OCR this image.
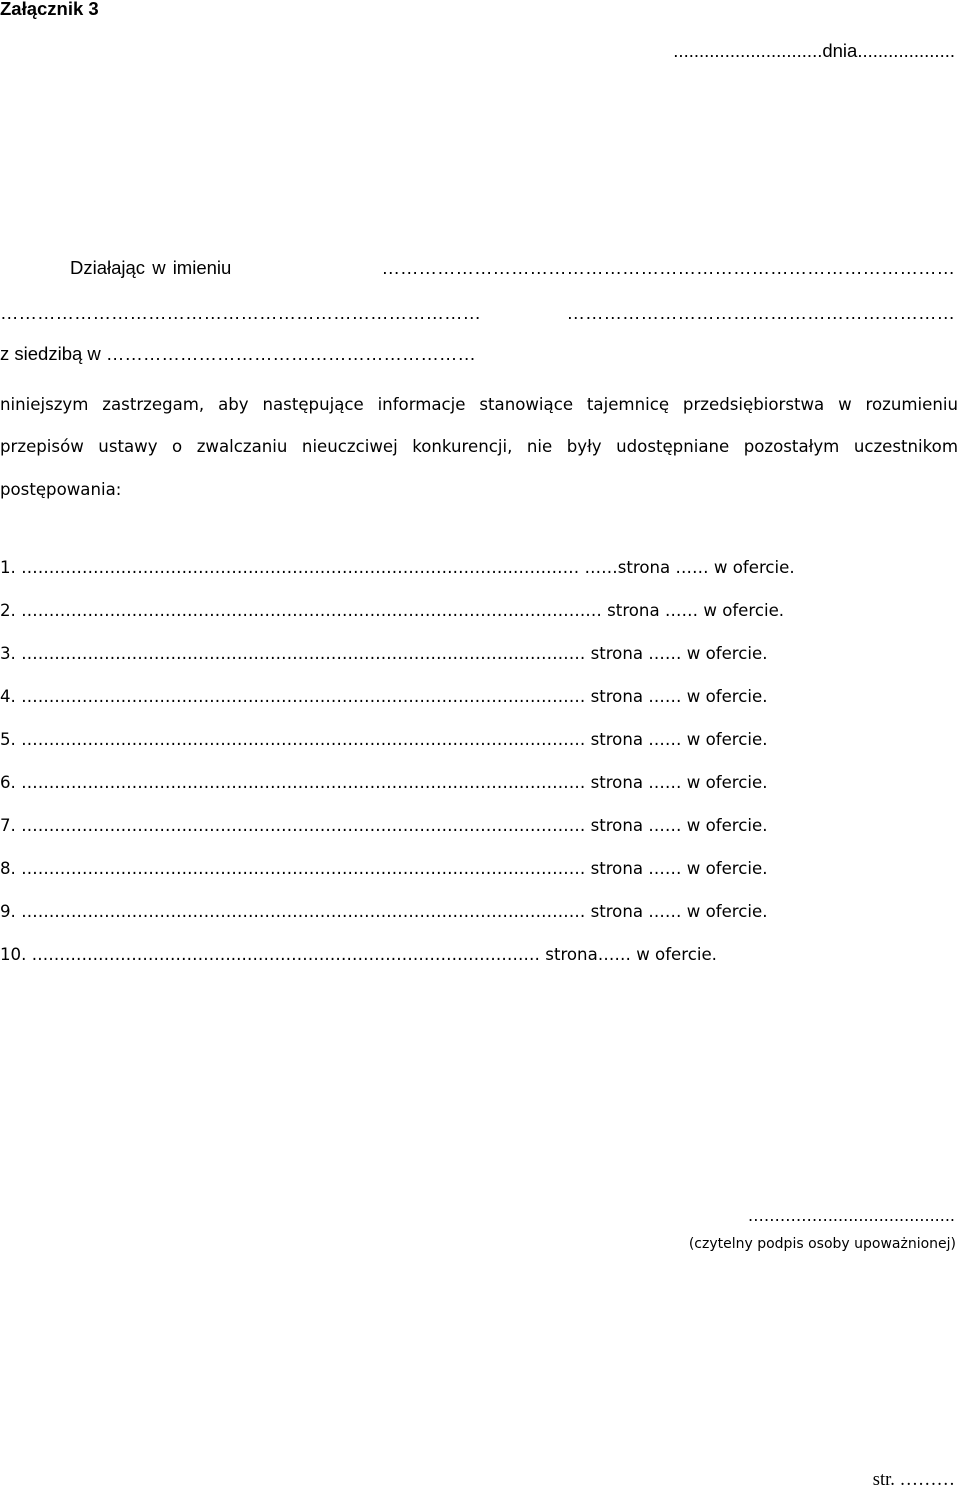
Załącznik 3
.............................dnia...................
Działając w imieniu	…………………………………………………………………………………
……………………………………………………………………	………………………………………………………
z siedzibą w ……………………………………………………
niniejszym zastrzegam, aby następujące informacje stanowiące tajemnicę przedsiębiorstwa w rozumieniu
przepisów ustawy o zwalczaniu nieuczciwej konkurencji, nie były udostępniane pozostałym uczestnikom
postępowania:
1. ……………………………………………………………………………..………… ……strona …… w ofercie.
2. …………………………………………………………………………………………… strona …… w ofercie.
3. ………………………………………………………………………………………… strona …… w ofercie.
4. ………………………………………………………………………………………… strona …… w ofercie.
5. ………………………………………………………………………………………… strona …… w ofercie.
6. ………………………………………………………………………………………… strona …… w ofercie.
7. ………………………………………………………………………………………… strona …… w ofercie.
8. ………………………………………………………………………………………… strona …… w ofercie.
9. ………………………………………………………………………………………… strona …… w ofercie.
10. ………………………………..……………………………………………… strona…… w ofercie.
…………….........................
(czytelny podpis osoby upoważnionej)
str. ………
